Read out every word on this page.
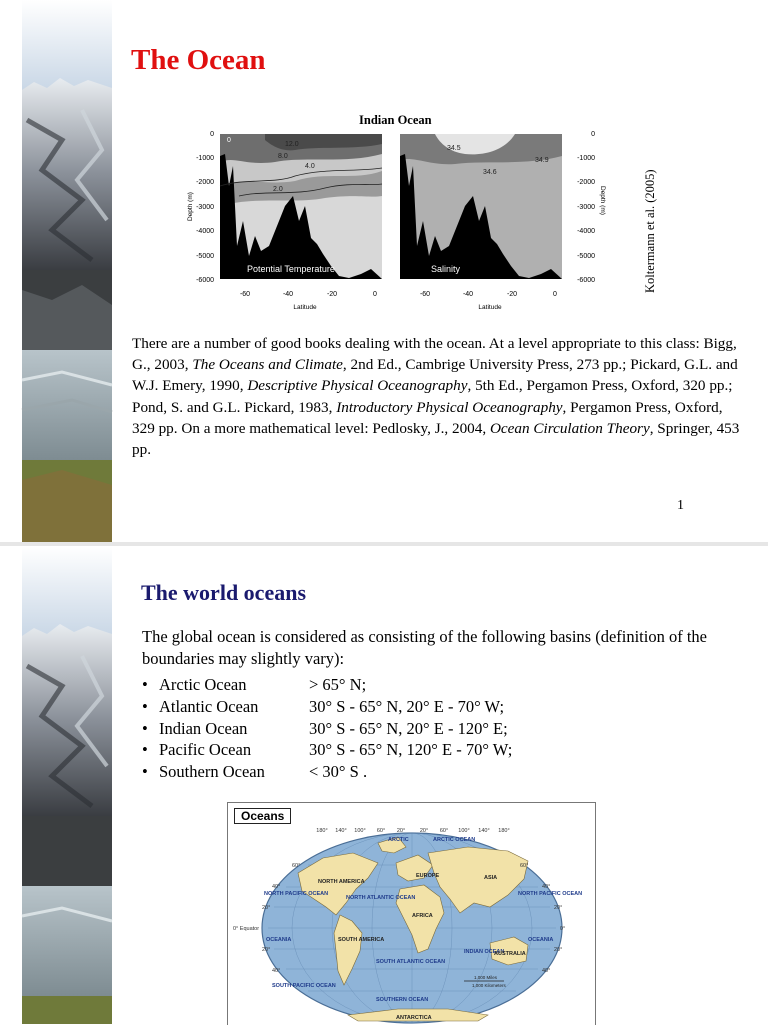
The Ocean
Indian Ocean
12.0
8.0
4.0
2.0
0
Potential Temperature
34.5
34.9
34.6
Salinity
0
-1000
-2000
-3000
-4000
-5000
-6000
Depth (m)
0
-1000
-2000
-3000
-4000
-5000
-6000
Depth (m)
-60	-40	-20	0
Latitude
-60	-40	-20	0
Latitude
Koltermann et al. (2005)

There are a number of good books dealing with the ocean. At a level appropriate to this class: Bigg, G., 2003, The Oceans and Climate, 2nd Ed., Cambrige University Press, 273 pp.; Pickard, G.L. and W.J. Emery, 1990, Descriptive Physical Oceanography, 5th Ed., Pergamon Press, Oxford, 320 pp.; Pond, S. and G.L. Pickard, 1983, Introductory Physical Oceanography, Pergamon Press, Oxford, 329 pp. On a more mathematical level: Pedlosky, J., 2004, Ocean Circulation Theory, Springer, 453 pp.

1
The world oceans

The global ocean is considered as consisting of the following basins (definition of the boundaries may slightly vary):

• Arctic Ocean	> 65° N;
• Atlantic Ocean	30° S - 65° N, 20° E - 70° W;
• Indian Ocean	30° S - 65° N, 20° E - 120° E;
• Pacific Ocean	30° S - 65° N, 120° E - 70° W;
• Southern Ocean	< 30° S .
Oceans
180° 140° 100° 60° 20°	20° 60° 100° 140° 180°
60°
40°
20°
0° Equator
20°
40°
60°
40°
20°
0°
20°
40°
ARCTIC	ARCTIC OCEAN
EUROPE	ASIA
NORTH AMERICA
NORTH ATLANTIC OCEAN
NORTH PACIFIC OCEAN	NORTH PACIFIC OCEAN
AFRICA
SOUTH AMERICA
SOUTH ATLANTIC OCEAN
INDIAN OCEAN
OCEANIA	OCEANIA
AUSTRALIA
SOUTH PACIFIC OCEAN
SOUTHERN OCEAN
ANTARCTICA
1,000 Miles
1,000 Kilometers
